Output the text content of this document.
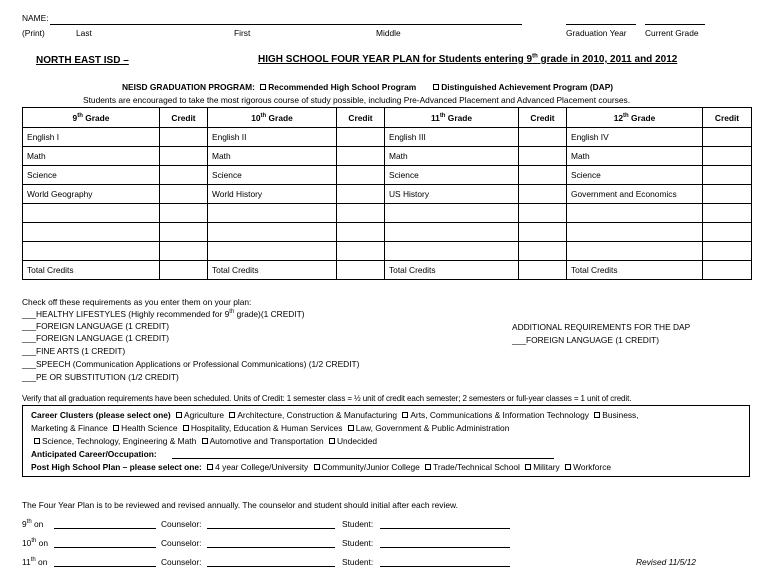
NAME:
(Print)	Last	First	Middle	Graduation Year Current Grade
NORTH EAST ISD –	HIGH SCHOOL FOUR YEAR PLAN for Students entering 9th grade in 2010, 2011 and 2012
NEISD GRADUATION PROGRAM: Recommended High School Program	Distinguished Achievement Program (DAP)
Students are encouraged to take the most rigorous course of study possible, including Pre-Advanced Placement and Advanced Placement courses.
9th Grade	Credit	10th Grade	Credit	11th Grade	Credit	12th Grade	Credit
English I		English II		English III		English IV	
Math		Math		Math		Math	
Science		Science		Science		Science	
World Geography		World History		US History		Government and Economics	

Total Credits		Total Credits		Total Credits		Total Credits	
Check off these requirements as you enter them on your plan:
___HEALTHY LIFESTYLES (Highly recommended for 9th grade)(1 CREDIT)
___FOREIGN LANGUAGE (1 CREDIT)
___FOREIGN LANGUAGE (1 CREDIT)
___FINE ARTS (1 CREDIT)
___SPEECH (Communication Applications or Professional Communications) (1/2 CREDIT)
___PE OR SUBSTITUTION (1/2 CREDIT)
ADDITIONAL REQUIREMENTS FOR THE DAP
___FOREIGN LANGUAGE (1 CREDIT)
Verify that all graduation requirements have been scheduled. Units of Credit: 1 semester class = ½ unit of credit each semester; 2 semesters or full-year classes = 1 unit of credit.
Career Clusters (please select one) Agriculture Architecture, Construction & Manufacturing Arts, Communications & Information Technology Business,
Marketing & Finance Health Science Hospitality, Education & Human Services Law, Government & Public Administration
Science, Technology, Engineering & Math Automotive and Transportation Undecided
Anticipated Career/Occupation:
Post High School Plan – please select one: 4 year College/University Community/Junior College Trade/Technical School Military Workforce
The Four Year Plan is to be reviewed and revised annually. The counselor and student should initial after each review.
9th on	Counselor:	Student:
10th on	Counselor:	Student:
11th on	Counselor:	Student:	Revised 11/5/12
